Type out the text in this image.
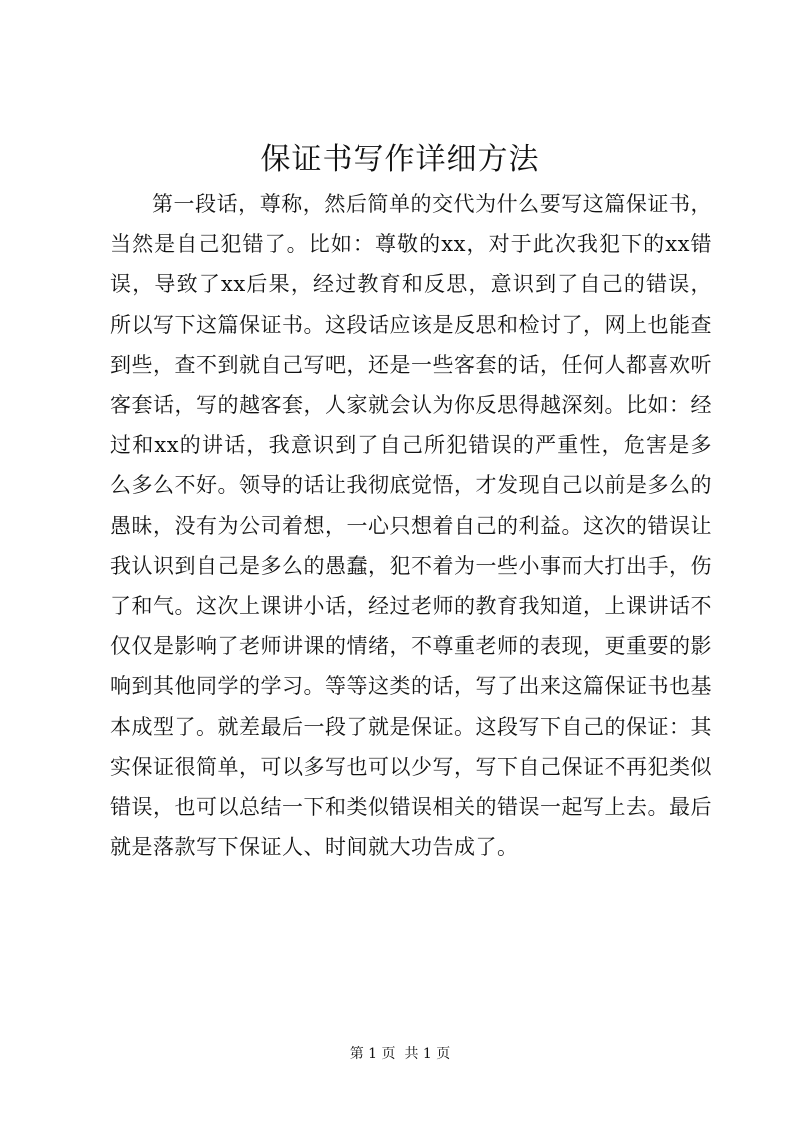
保证书写作详细方法

第一段话，尊称，然后简单的交代为什么要写这篇保证书，当然是自己犯错了。比如：尊敬的xx，对于此次我犯下的xx错误，导致了xx后果，经过教育和反思，意识到了自己的错误，所以写下这篇保证书。这段话应该是反思和检讨了，网上也能查到些，查不到就自己写吧，还是一些客套的话，任何人都喜欢听客套话，写的越客套，人家就会认为你反思得越深刻。比如：经过和xx的讲话，我意识到了自己所犯错误的严重性，危害是多么多么不好。领导的话让我彻底觉悟，才发现自己以前是多么的愚昧，没有为公司着想，一心只想着自己的利益。这次的错误让我认识到自己是多么的愚蠢，犯不着为一些小事而大打出手，伤了和气。这次上课讲小话，经过老师的教育我知道，上课讲话不仅仅是影响了老师讲课的情绪，不尊重老师的表现，更重要的影响到其他同学的学习。等等这类的话，写了出来这篇保证书也基本成型了。就差最后一段了就是保证。这段写下自己的保证：其实保证很简单，可以多写也可以少写，写下自己保证不再犯类似错误，也可以总结一下和类似错误相关的错误一起写上去。最后就是落款写下保证人、时间就大功告成了。

第 1 页  共 1 页
